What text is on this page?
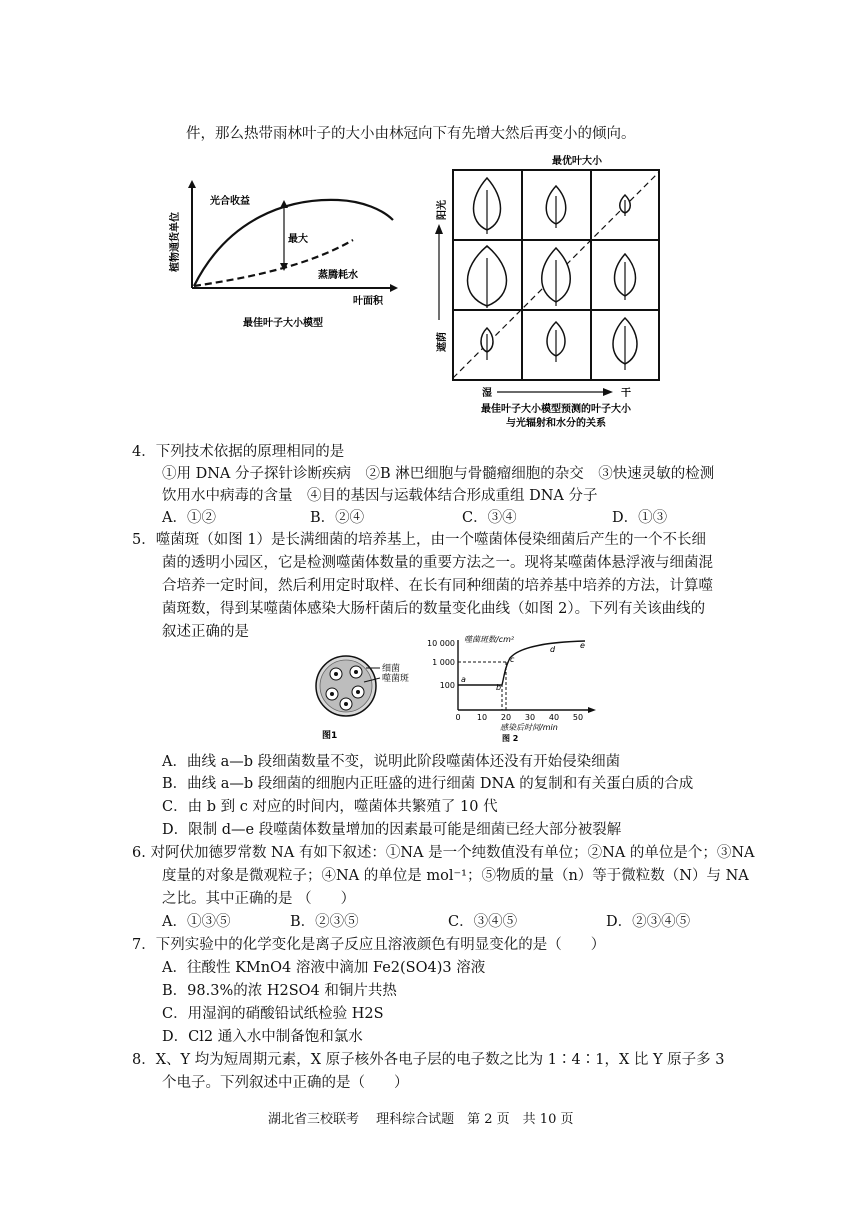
件，那么热带雨林叶子的大小由林冠向下有先增大然后再变小的倾向。
植物通货单位
光合收益
最大
蒸腾耗水
叶面积
最佳叶子大小模型
最优叶大小
阳光
遮荫
湿	干
最佳叶子大小模型预测的叶子大小
与光辐射和水分的关系
4．下列技术依据的原理相同的是
①用 DNA 分子探针诊断疾病　②B 淋巴细胞与骨髓瘤细胞的杂交　③快速灵敏的检测
饮用水中病毒的含量　④目的基因与运载体结合形成重组 DNA 分子
A．①②	B．②④	C．③④	D．①③
5．噬菌斑（如图 1）是长满细菌的培养基上，由一个噬菌体侵染细菌后产生的一个不长细
菌的透明小园区，它是检测噬菌体数量的重要方法之一。现将某噬菌体悬浮液与细菌混
合培养一定时间，然后利用定时取样、在长有同种细菌的培养基中培养的方法，计算噬
菌斑数，得到某噬菌体感染大肠杆菌后的数量变化曲线（如图 2）。下列有关该曲线的
叙述正确的是
细菌
噬菌斑
图1
噬菌斑数/cm²
10 000
1 000
100
a
b
c
d	e
0 10 20 30 40 50
感染后时间/min
图 2
A．曲线 a—b 段细菌数量不变，说明此阶段噬菌体还没有开始侵染细菌
B．曲线 a—b 段细菌的细胞内正旺盛的进行细菌 DNA 的复制和有关蛋白质的合成
C．由 b 到 c 对应的时间内，噬菌体共繁殖了 10 代
D．限制 d—e 段噬菌体数量增加的因素最可能是细菌已经大部分被裂解
6. 对阿伏加德罗常数 NA 有如下叙述：①NA 是一个纯数值没有单位；②NA 的单位是个；③NA
度量的对象是微观粒子；④NA 的单位是 mol⁻¹；⑤物质的量（n）等于微粒数（N）与 NA
之比。其中正确的是 （　　）
A．①③⑤	B．②③⑤	C．③④⑤	D．②③④⑤
7．下列实验中的化学变化是离子反应且溶液颜色有明显变化的是（　　）
A．往酸性 KMnO4 溶液中滴加 Fe2(SO4)3 溶液
B．98.3%的浓 H2SO4 和铜片共热
C．用湿润的硝酸铅试纸检验 H2S
D．Cl2 通入水中制备饱和氯水
8．X、Y 均为短周期元素，X 原子核外各电子层的电子数之比为 1∶4∶1，X 比 Y 原子多 3
个电子。下列叙述中正确的是（　　）
湖北省三校联考　 理科综合试题　第 2 页　共 10 页
